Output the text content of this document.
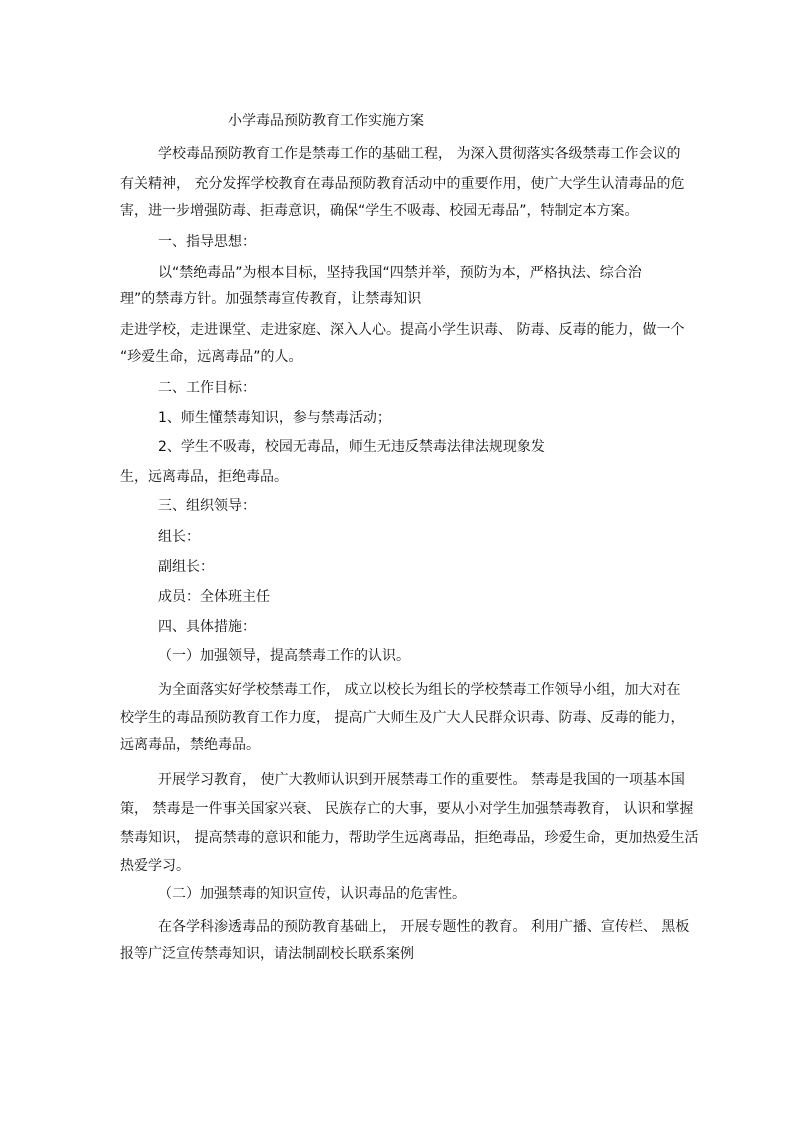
小学毒品预防教育工作实施方案
学校毒品预防教育工作是禁毒工作的基础工程， 为深入贯彻落实各级禁毒工作会议的
有关精神， 充分发挥学校教育在毒品预防教育活动中的重要作用，使广大学生认清毒品的危
害，进一步增强防毒、拒毒意识，确保“学生不吸毒、校园无毒品”，特制定本方案。
一、指导思想：
以“禁绝毒品”为根本目标，坚持我国“四禁并举，预防为本，严格执法、综合治
理”的禁毒方针。加强禁毒宣传教育，让禁毒知识
走进学校，走进课堂、走进家庭、深入人心。提高小学生识毒、 防毒、反毒的能力，做一个
“珍爱生命，远离毒品”的人。
二、工作目标：
1、师生懂禁毒知识，参与禁毒活动；
2、学生不吸毒，校园无毒品，师生无违反禁毒法律法规现象发
生，远离毒品，拒绝毒品。
三、组织领导：
组长：
副组长：
成员：全体班主任
四、具体措施：
（一）加强领导，提高禁毒工作的认识。
为全面落实好学校禁毒工作， 成立以校长为组长的学校禁毒工作领导小组，加大对在
校学生的毒品预防教育工作力度， 提高广大师生及广大人民群众识毒、防毒、反毒的能力，
远离毒品，禁绝毒品。
开展学习教育， 使广大教师认识到开展禁毒工作的重要性。 禁毒是我国的一项基本国
策， 禁毒是一件事关国家兴衰、 民族存亡的大事，要从小对学生加强禁毒教育， 认识和掌握
禁毒知识， 提高禁毒的意识和能力，帮助学生远离毒品，拒绝毒品，珍爱生命，更加热爱生活
热爱学习。
（二）加强禁毒的知识宣传，认识毒品的危害性。
在各学科渗透毒品的预防教育基础上， 开展专题性的教育。 利用广播、宣传栏、 黑板
报等广泛宣传禁毒知识，请法制副校长联系案例
